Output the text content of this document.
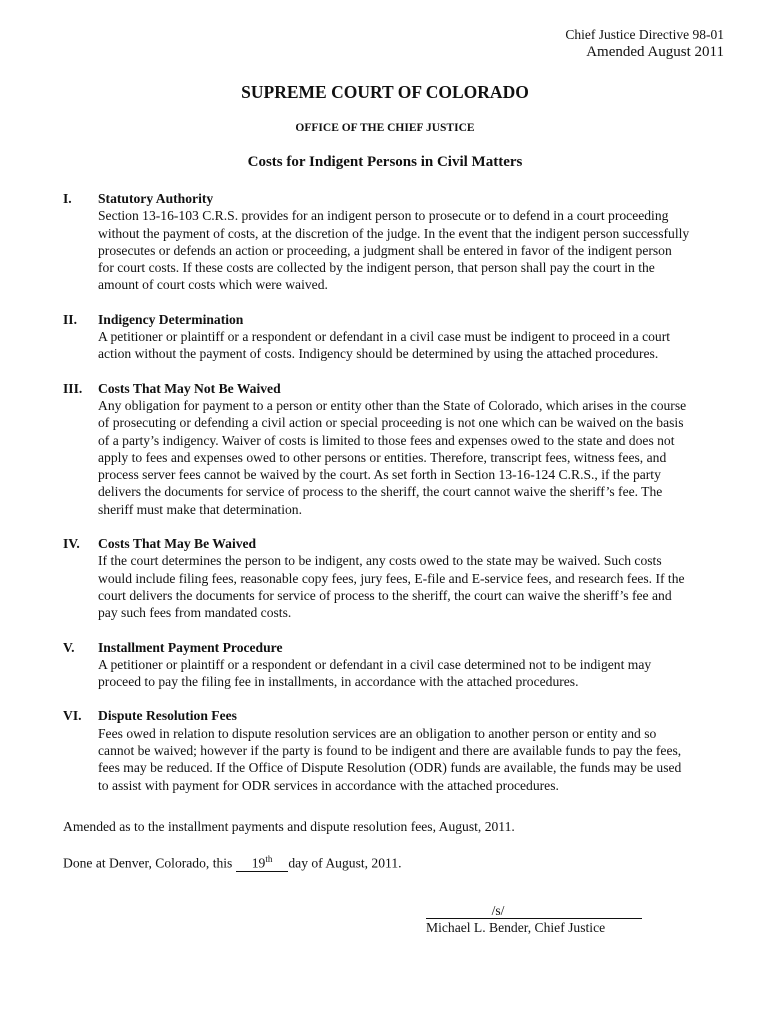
Chief Justice Directive 98-01
Amended August 2011
SUPREME COURT OF COLORADO
OFFICE OF THE CHIEF JUSTICE
Costs for Indigent Persons in Civil Matters
I. Statutory Authority
Section 13-16-103 C.R.S. provides for an indigent person to prosecute or to defend in a court proceeding
without the payment of costs, at the discretion of the judge. In the event that the indigent person successfully
prosecutes or defends an action or proceeding, a judgment shall be entered in favor of the indigent person
for court costs. If these costs are collected by the indigent person, that person shall pay the court in the
amount of court costs which were waived.
II. Indigency Determination
A petitioner or plaintiff or a respondent or defendant in a civil case must be indigent to proceed in a court
action without the payment of costs. Indigency should be determined by using the attached procedures.
III. Costs That May Not Be Waived
Any obligation for payment to a person or entity other than the State of Colorado, which arises in the course
of prosecuting or defending a civil action or special proceeding is not one which can be waived on the basis
of a party’s indigency. Waiver of costs is limited to those fees and expenses owed to the state and does not
apply to fees and expenses owed to other persons or entities. Therefore, transcript fees, witness fees, and
process server fees cannot be waived by the court. As set forth in Section 13-16-124 C.R.S., if the party
delivers the documents for service of process to the sheriff, the court cannot waive the sheriff’s fee. The
sheriff must make that determination.
IV. Costs That May Be Waived
If the court determines the person to be indigent, any costs owed to the state may be waived. Such costs
would include filing fees, reasonable copy fees, jury fees, E-file and E-service fees, and research fees. If the
court delivers the documents for service of process to the sheriff, the court can waive the sheriff’s fee and
pay such fees from mandated costs.
V. Installment Payment Procedure
A petitioner or plaintiff or a respondent or defendant in a civil case determined not to be indigent may
proceed to pay the filing fee in installments, in accordance with the attached procedures.
VI. Dispute Resolution Fees
Fees owed in relation to dispute resolution services are an obligation to another person or entity and so
cannot be waived; however if the party is found to be indigent and there are available funds to pay the fees,
fees may be reduced. If the Office of Dispute Resolution (ODR) funds are available, the funds may be used
to assist with payment for ODR services in accordance with the attached procedures.
Amended as to the installment payments and dispute resolution fees, August, 2011.
Done at Denver, Colorado, this 19th day of August, 2011.
/s/
Michael L. Bender, Chief Justice
